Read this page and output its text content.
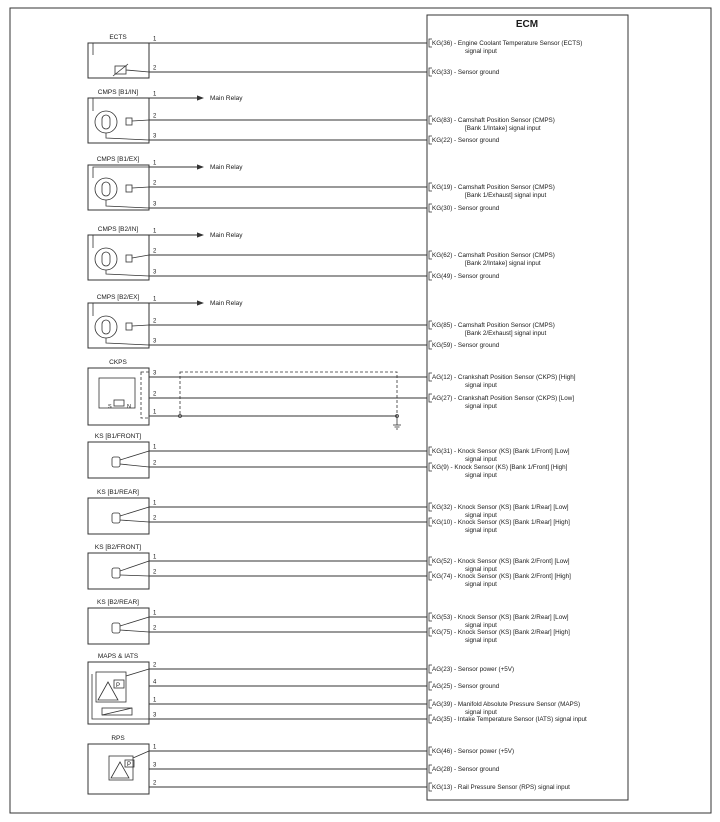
ECM
ECTS	1
KG(36) - Engine Coolant Temperature Sensor (ECTS)
signal input
2
KG(33) - Sensor ground
CMPS [B1/IN]
2
KG(83) - Camshaft Position Sensor (CMPS)
[Bank 1/Intake] signal input
3
KG(22) - Sensor ground
1
Main Relay
CMPS [B1/EX]
2
KG(19) - Camshaft Position Sensor (CMPS)
[Bank 1/Exhaust] signal input
3
KG(30) - Sensor ground
1
Main Relay
CMPS [B2/IN]
2
KG(62) - Camshaft Position Sensor (CMPS)
[Bank 2/Intake] signal input
3
KG(49) - Sensor ground
1
Main Relay
CMPS [B2/EX]
2
KG(85) - Camshaft Position Sensor (CMPS)
[Bank 2/Exhaust] signal input
3
KG(59) - Sensor ground
1
Main Relay
CKPS
3
AG(12) - Crankshaft Position Sensor (CKPS) [High]
signal input
2
AG(27) - Crankshaft Position Sensor (CKPS) [Low]
signal input
S	N
1
KS [B1/FRONT]
1
KG(31) - Knock Sensor (KS) [Bank 1/Front] [Low]
signal input
2
KG(9) - Knock Sensor (KS) [Bank 1/Front] [High]
signal input
KS [B1/REAR]
1
KG(32) - Knock Sensor (KS) [Bank 1/Rear] [Low]
signal input
2
KG(10) - Knock Sensor (KS) [Bank 1/Rear] [High]
signal input
KS [B2/FRONT]
1
KG(52) - Knock Sensor (KS) [Bank 2/Front] [Low]
signal input
2
KG(74) - Knock Sensor (KS) [Bank 2/Front] [High]
signal input
KS [B2/REAR]
1
KG(53) - Knock Sensor (KS) [Bank 2/Rear] [Low]
signal input
2
KG(75) - Knock Sensor (KS) [Bank 2/Rear] [High]
signal input
MAPS & IATS
2
AG(23) - Sensor power (+5V)
4
AG(25) - Sensor ground
1
AG(39) - Manifold Absolute Pressure Sensor (MAPS)
signal input
3
AG(35) - Intake Temperature Sensor (IATS) signal input
P
RPS
1
KG(46) - Sensor power (+5V)
3
AG(28) - Sensor ground
2
KG(13) - Rail Pressure Sensor (RPS) signal input
P
